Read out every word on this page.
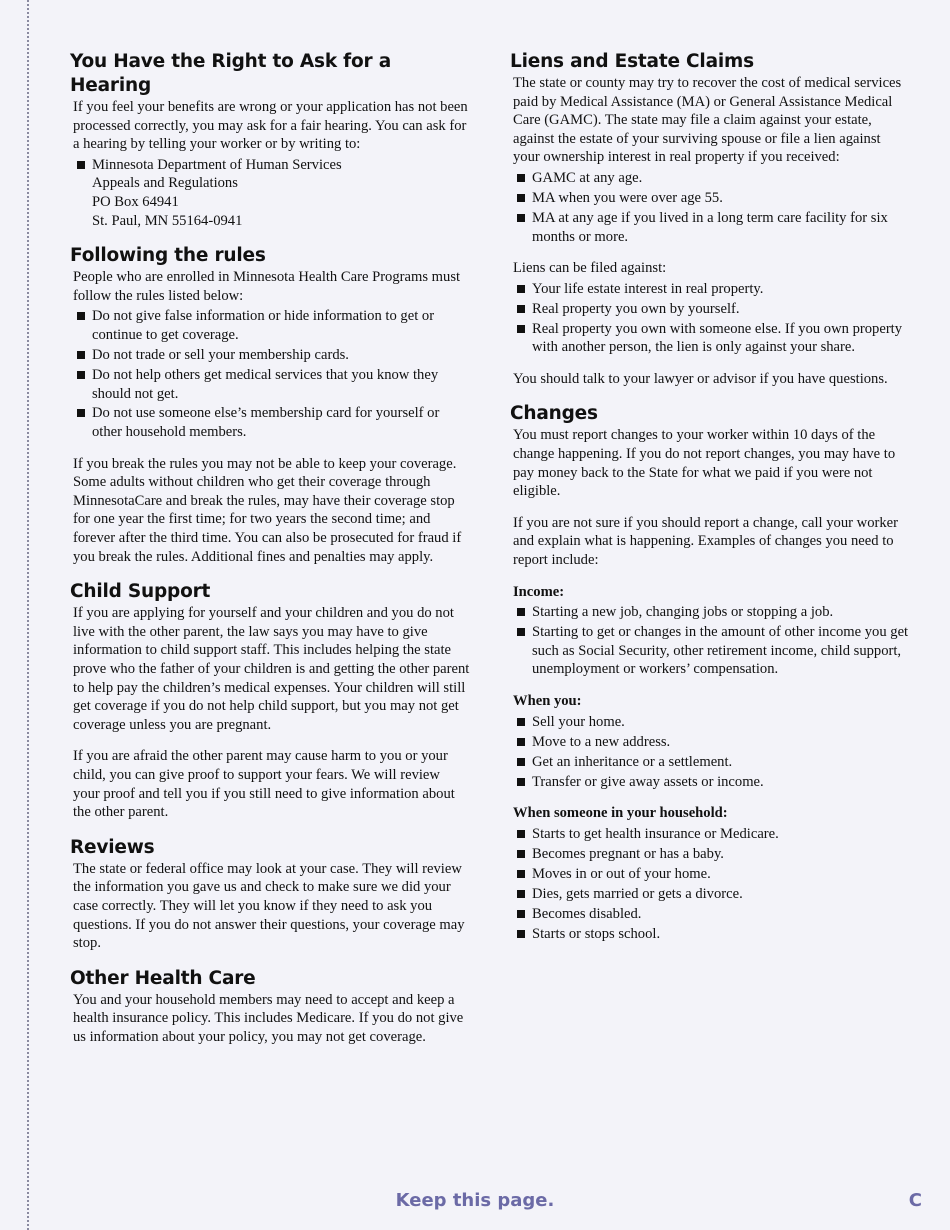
You Have the Right to Ask for a Hearing

If you feel your benefits are wrong or your application has not been processed correctly, you may ask for a fair hearing. You can ask for a hearing by telling your worker or by writing to:

Minnesota Department of Human Services
Appeals and Regulations
PO Box 64941
St. Paul, MN 55164-0941
Following the rules

People who are enrolled in Minnesota Health Care Programs must follow the rules listed below:

Do not give false information or hide information to get or continue to get coverage.
Do not trade or sell your membership cards.
Do not help others get medical services that you know they should not get.
Do not use someone else’s membership card for yourself or other household members.

If you break the rules you may not be able to keep your coverage. Some adults without children who get their coverage through MinnesotaCare and break the rules, may have their coverage stop for one year the first time; for two years the second time; and forever after the third time. You can also be prosecuted for fraud if you break the rules. Additional fines and penalties may apply.

Child Support

If you are applying for yourself and your children and you do not live with the other parent, the law says you may have to give information to child support staff. This includes helping the state prove who the father of your children is and getting the other parent to help pay the children’s medical expenses. Your children will still get coverage if you do not help child support, but you may not get coverage unless you are pregnant.

If you are afraid the other parent may cause harm to you or your child, you can give proof to support your fears. We will review your proof and tell you if you still need to give information about the other parent.

Reviews

The state or federal office may look at your case. They will review the information you gave us and check to make sure we did your case correctly. They will let you know if they need to ask you questions. If you do not answer their questions, your coverage may stop.

Other Health Care

You and your household members may need to accept and keep a health insurance policy. This includes Medicare. If you do not give us information about your policy, you may not get coverage.

Liens and Estate Claims

The state or county may try to recover the cost of medical services paid by Medical Assistance (MA) or General Assistance Medical Care (GAMC). The state may file a claim against your estate, against the estate of your surviving spouse or file a lien against your ownership interest in real property if you received:

GAMC at any age.
MA when you were over age 55.
MA at any age if you lived in a long term care facility for six months or more.

Liens can be filed against:

Your life estate interest in real property.
Real property you own by yourself.
Real property you own with someone else. If you own property with another person, the lien is only against your share.

You should talk to your lawyer or advisor if you have questions.

Changes

You must report changes to your worker within 10 days of the change happening. If you do not report changes, you may have to pay money back to the State for what we paid if you were not eligible.

If you are not sure if you should report a change, call your worker and explain what is happening. Examples of changes you need to report include:

Income:

Starting a new job, changing jobs or stopping a job.
Starting to get or changes in the amount of other income you get such as Social Security, other retirement income, child support, unemployment or workers’ compensation.

When you:

Sell your home.
Move to a new address.
Get an inheritance or a settlement.
Transfer or give away assets or income.

When someone in your household:

Starts to get health insurance or Medicare.
Becomes pregnant or has a baby.
Moves in or out of your home.
Dies, gets married or gets a divorce.
Becomes disabled.
Starts or stops school.
Keep this page.	C
